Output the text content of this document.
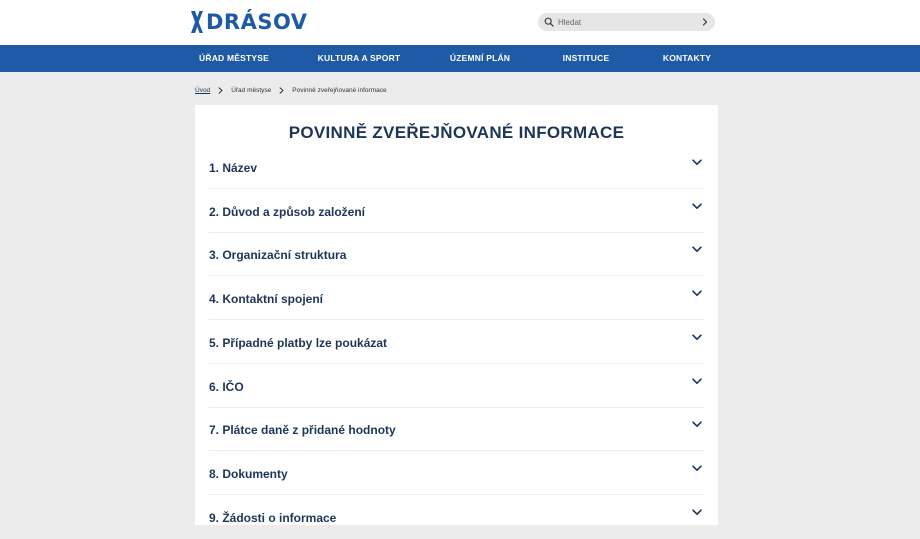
DRÁSOV
Hledat
ÚŘAD MĚSTYSE	KULTURA A SPORT	ÚZEMNÍ PLÁN	INSTITUCE	KONTAKTY
Úvod	Úřad městyse	Povinně zveřejňované informace
POVINNĚ ZVEŘEJŇOVANÉ INFORMACE
1. Název
2. Důvod a způsob založení
3. Organizační struktura
4. Kontaktní spojení
5. Případné platby lze poukázat
6. IČO
7. Plátce daně z přidané hodnoty
8. Dokumenty
9. Žádosti o informace
